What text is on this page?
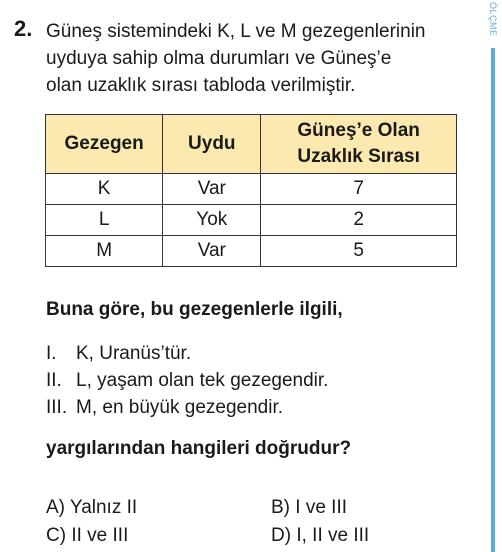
2. Güneş sistemindeki K, L ve M gezegenlerinin
uyduya sahip olma durumları ve Güneş’e
olan uzaklık sırası tabloda verilmiştir.

ÖLÇME
Gezegen	Uydu	Güneş’e Olan
Uzaklık Sırası
K	Var	7
L	Yok	2
M	Var	5

Buna göre, bu gezegenlerle ilgili,

I. K, Uranüs’tür.
II. L, yaşam olan tek gezegendir.
III. M, en büyük gezegendir.

yargılarından hangileri doğrudur?

A) Yalnız II	B) I ve III
C) II ve III	D) I, II ve III
